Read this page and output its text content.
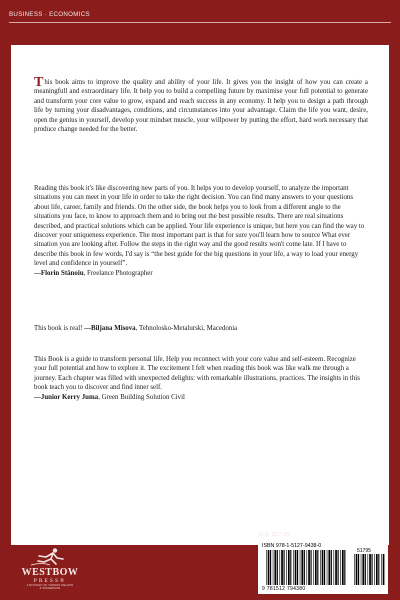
BUSINESS · ECONOMICS

This book aims to improve the quality and ability of your life. It gives you the insight of how you can create a meaningfull and extraordinary life. It help you to build a compelling future by maximise your full potential to generate and transform your core value to grow, expand and reach success in any economy. It help you to design a path through life by turning your disadvantages, conditions, and circumstances into your advantage. Claim the life you want, desire, open the genius in yourself, develop your mindset muscle, your willpower by putting the effort, hard work necessary that produce change needed for the better.

Reading this book it's like discovering new parts of you. It helps you to develop yourself, to analyze the important situations you can meet in your life in order to take the right decision. You can find many answers to your questions about life, career, family and friends. On the other side, the book helps you to look from a different angle to the situations you face, to know to approach them and to bring out the best possible results. There are real situations described, and practical solutions which can be applied. Your life experience is unique, but here you can find the way to discover your uniqueness experience. The most important part is that for sure you'll learn how to source What ever situation you are looking after. Follow the steps in the right way and the good results won't come late. If I have to describe this book in few words, I'd say is “the best guide for the big questions in your life, a way to load your energy level and confidence in yourself”.
—Florin Stănoiu, Freelance Photographer

This book is real! —Biljana Misova, Tehnolosko-Metalurski, Macedonia

This Book is a guide to transform personal life. Help you reconnect with your core value and self-esteem. Recognize your full potential and how to explore it. The excitement I felt when reading this book was like walk me through a journey. Each chapter was filled with unexpected delights: with remarkable illustrations, practices. The insights in this book teach you to discover and find inner self.
—Junior Kerry Juma, Green Building Solution Civil

WESTBOW
PRESS®
A DIVISION OF THOMAS NELSON
& ZONDERVAN
U.S. $17.95
ISBN 978-1-5127-9438-0
51795
9 781512 794380
